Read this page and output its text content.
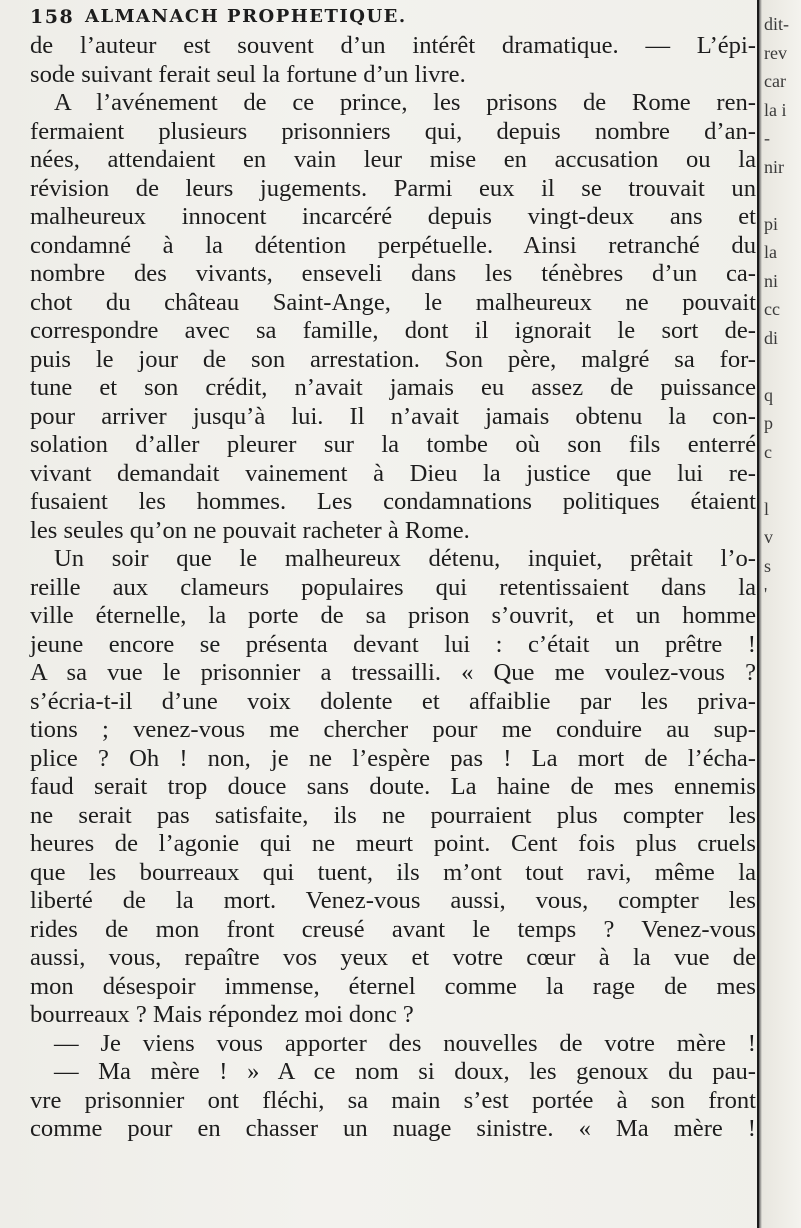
158 ALMANACH PROPHETIQUE.
de l’auteur est souvent d’un intérêt dramatique. — L’épi-
sode suivant ferait seul la fortune d’un livre.
A l’avénement de ce prince, les prisons de Rome ren-
fermaient plusieurs prisonniers qui, depuis nombre d’an-
nées, attendaient en vain leur mise en accusation ou la
révision de leurs jugements. Parmi eux il se trouvait un
malheureux innocent incarcéré depuis vingt-deux ans et
condamné à la détention perpétuelle. Ainsi retranché du
nombre des vivants, enseveli dans les ténèbres d’un ca-
chot du château Saint-Ange, le malheureux ne pouvait
correspondre avec sa famille, dont il ignorait le sort de-
puis le jour de son arrestation. Son père, malgré sa for-
tune et son crédit, n’avait jamais eu assez de puissance
pour arriver jusqu’à lui. Il n’avait jamais obtenu la con-
solation d’aller pleurer sur la tombe où son fils enterré
vivant demandait vainement à Dieu la justice que lui re-
fusaient les hommes. Les condamnations politiques étaient
les seules qu’on ne pouvait racheter à Rome.
Un soir que le malheureux détenu, inquiet, prêtait l’o-
reille aux clameurs populaires qui retentissaient dans la
ville éternelle, la porte de sa prison s’ouvrit, et un homme
jeune encore se présenta devant lui : c’était un prêtre !
A sa vue le prisonnier a tressailli. « Que me voulez-vous ?
s’écria-t-il d’une voix dolente et affaiblie par les priva-
tions ; venez-vous me chercher pour me conduire au sup-
plice ? Oh ! non, je ne l’espère pas ! La mort de l’écha-
faud serait trop douce sans doute. La haine de mes ennemis
ne serait pas satisfaite, ils ne pourraient plus compter les
heures de l’agonie qui ne meurt point. Cent fois plus cruels
que les bourreaux qui tuent, ils m’ont tout ravi, même la
liberté de la mort. Venez-vous aussi, vous, compter les
rides de mon front creusé avant le temps ? Venez-vous
aussi, vous, repaître vos yeux et votre cœur à la vue de
mon désespoir immense, éternel comme la rage de mes
bourreaux ? Mais répondez moi donc ?
— Je viens vous apporter des nouvelles de votre mère !
— Ma mère ! » A ce nom si doux, les genoux du pau-
vre prisonnier ont fléchi, sa main s’est portée à son front
comme pour en chasser un nuage sinistre. « Ma mère !
dit-
rev
car
la i
-
nir
pi
la
ni
cc
di
q
p
c
l
v
s
'
